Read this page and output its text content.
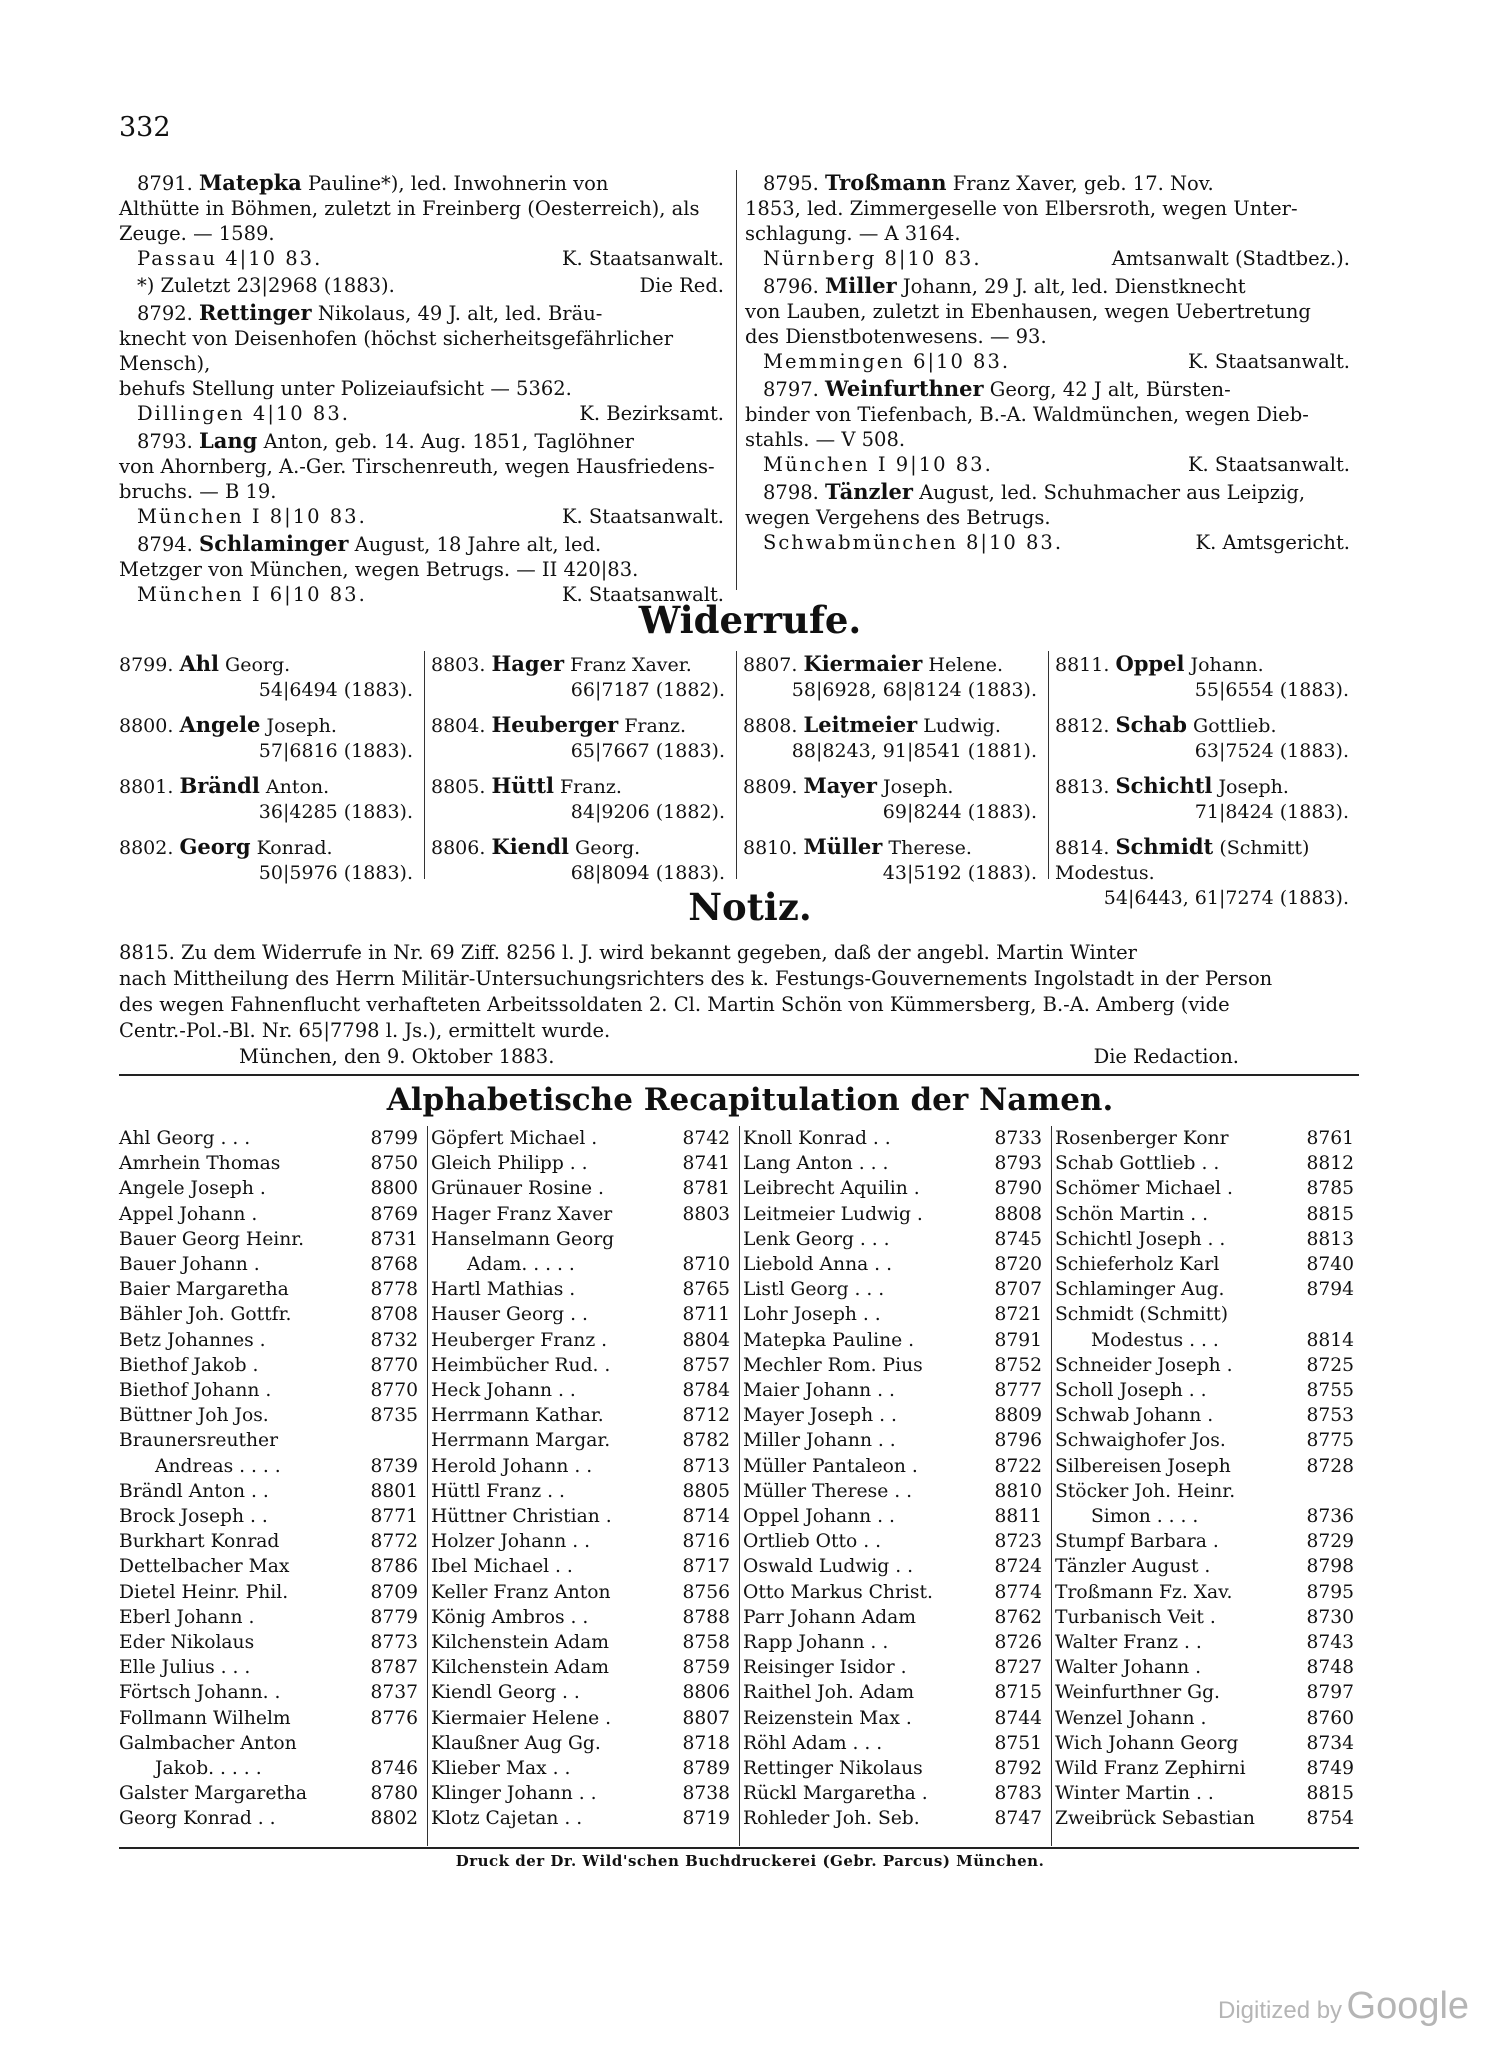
332

8791. Matepka Pauline*), led. Inwohnerin von

Althütte in Böhmen, zuletzt in Freinberg (Oesterreich), als

Zeuge. — 1589.

Passau 4|10 83.	K. Staatsanwalt.
*) Zuletzt 23|2968 (1883).	Die Red.

8792. Rettinger Nikolaus, 49 J. alt, led. Bräu-

knecht von Deisenhofen (höchst sicherheitsgefährlicher Mensch),

behufs Stellung unter Polizeiaufsicht — 5362.

Dillingen 4|10 83.	K. Bezirksamt.

8793. Lang Anton, geb. 14. Aug. 1851, Taglöhner

von Ahornberg, A.-Ger. Tirschenreuth, wegen Hausfriedens-

bruchs. — B 19.

München I 8|10 83.	K. Staatsanwalt.

8794. Schlaminger August, 18 Jahre alt, led.

Metzger von München, wegen Betrugs. — II 420|83.

München I 6|10 83.	K. Staatsanwalt.

8795. Troßmann Franz Xaver, geb. 17. Nov.

1853, led. Zimmergeselle von Elbersroth, wegen Unter-

schlagung. — A 3164.

Nürnberg 8|10 83.	Amtsanwalt (Stadtbez.).

8796. Miller Johann, 29 J. alt, led. Dienstknecht

von Lauben, zuletzt in Ebenhausen, wegen Uebertretung

des Dienstbotenwesens. — 93.

Memmingen 6|10 83.	K. Staatsanwalt.

8797. Weinfurthner Georg, 42 J alt, Bürsten-

binder von Tiefenbach, B.-A. Waldmünchen, wegen Dieb-

stahls. — V 508.

München I 9|10 83.	K. Staatsanwalt.

8798. Tänzler August, led. Schuhmacher aus Leipzig,

wegen Vergehens des Betrugs.

Schwabmünchen 8|10 83.	K. Amtsgericht.
Widerrufe.
8799. Ahl Georg.
54|6494 (1883).
8800. Angele Joseph.
57|6816 (1883).
8801. Brändl Anton.
36|4285 (1883).
8802. Georg Konrad.
50|5976 (1883).
8803. Hager Franz Xaver.
66|7187 (1882).
8804. Heuberger Franz.
65|7667 (1883).
8805. Hüttl Franz.
84|9206 (1882).
8806. Kiendl Georg.
68|8094 (1883).
8807. Kiermaier Helene.
58|6928, 68|8124 (1883).
8808. Leitmeier Ludwig.
88|8243, 91|8541 (1881).
8809. Mayer Joseph.
69|8244 (1883).
8810. Müller Therese.
43|5192 (1883).
8811. Oppel Johann.
55|6554 (1883).
8812. Schab Gottlieb.
63|7524 (1883).
8813. Schichtl Joseph.
71|8424 (1883).
8814. Schmidt (Schmitt) Modestus.
54|6443, 61|7274 (1883).
Notiz.

8815. Zu dem Widerrufe in Nr. 69 Ziff. 8256 l. J. wird bekannt gegeben, daß der angebl. Martin Winter

nach Mittheilung des Herrn Militär-Untersuchungsrichters des k. Festungs-Gouvernements Ingolstadt in der Person

des wegen Fahnenflucht verhafteten Arbeitssoldaten 2. Cl. Martin Schön von Kümmersberg, B.-A. Amberg (vide

Centr.-Pol.-Bl. Nr. 65|7798 l. Js.), ermittelt wurde.

München, den 9. Oktober 1883.	Die Redaction.
Alphabetische Recapitulation der Namen.
Ahl Georg . . .	8799
Amrhein Thomas	8750
Angele Joseph .	8800
Appel Johann .	8769
Bauer Georg Heinr.	8731
Bauer Johann .	8768
Baier Margaretha	8778
Bähler Joh. Gottfr.	8708
Betz Johannes .	8732
Biethof Jakob .	8770
Biethof Johann .	8770
Büttner Joh Jos.	8735
Braunersreuther
Andreas . . . .	8739
Brändl Anton . .	8801
Brock Joseph . .	8771
Burkhart Konrad	8772
Dettelbacher Max	8786
Dietel Heinr. Phil.	8709
Eberl Johann .	8779
Eder Nikolaus	8773
Elle Julius . . .	8787
Förtsch Johann. .	8737
Follmann Wilhelm	8776
Galmbacher Anton
Jakob. . . . .	8746
Galster Margaretha	8780
Georg Konrad . .	8802
Göpfert Michael .	8742
Gleich Philipp . .	8741
Grünauer Rosine .	8781
Hager Franz Xaver	8803
Hanselmann Georg
Adam. . . . .	8710
Hartl Mathias .	8765
Hauser Georg . .	8711
Heuberger Franz .	8804
Heimbücher Rud. .	8757
Heck Johann . .	8784
Herrmann Kathar.	8712
Herrmann Margar.	8782
Herold Johann . .	8713
Hüttl Franz . .	8805
Hüttner Christian .	8714
Holzer Johann . .	8716
Ibel Michael . .	8717
Keller Franz Anton	8756
König Ambros . .	8788
Kilchenstein Adam	8758
Kilchenstein Adam	8759
Kiendl Georg . .	8806
Kiermaier Helene .	8807
Klaußner Aug Gg.	8718
Klieber Max . .	8789
Klinger Johann . .	8738
Klotz Cajetan . .	8719
Knoll Konrad . .	8733
Lang Anton . . .	8793
Leibrecht Aquilin .	8790
Leitmeier Ludwig .	8808
Lenk Georg . . .	8745
Liebold Anna . .	8720
Listl Georg . . .	8707
Lohr Joseph . .	8721
Matepka Pauline .	8791
Mechler Rom. Pius	8752
Maier Johann . .	8777
Mayer Joseph . .	8809
Miller Johann . .	8796
Müller Pantaleon .	8722
Müller Therese . .	8810
Oppel Johann . .	8811
Ortlieb Otto . .	8723
Oswald Ludwig . .	8724
Otto Markus Christ.	8774
Parr Johann Adam	8762
Rapp Johann . .	8726
Reisinger Isidor .	8727
Raithel Joh. Adam	8715
Reizenstein Max .	8744
Röhl Adam . . .	8751
Rettinger Nikolaus	8792
Rückl Margaretha .	8783
Rohleder Joh. Seb.	8747
Rosenberger Konr	8761
Schab Gottlieb . .	8812
Schömer Michael .	8785
Schön Martin . .	8815
Schichtl Joseph . .	8813
Schieferholz Karl	8740
Schlaminger Aug.	8794
Schmidt (Schmitt)
Modestus . . .	8814
Schneider Joseph .	8725
Scholl Joseph . .	8755
Schwab Johann .	8753
Schwaighofer Jos.	8775
Silbereisen Joseph	8728
Stöcker Joh. Heinr.
Simon . . . .	8736
Stumpf Barbara .	8729
Tänzler August .	8798
Troßmann Fz. Xav.	8795
Turbanisch Veit .	8730
Walter Franz . .	8743
Walter Johann .	8748
Weinfurthner Gg.	8797
Wenzel Johann .	8760
Wich Johann Georg	8734
Wild Franz Zephirni	8749
Winter Martin . .	8815
Zweibrück Sebastian	8754
Druck der Dr. Wild'schen Buchdruckerei (Gebr. Parcus) München.
Digitized by Google
